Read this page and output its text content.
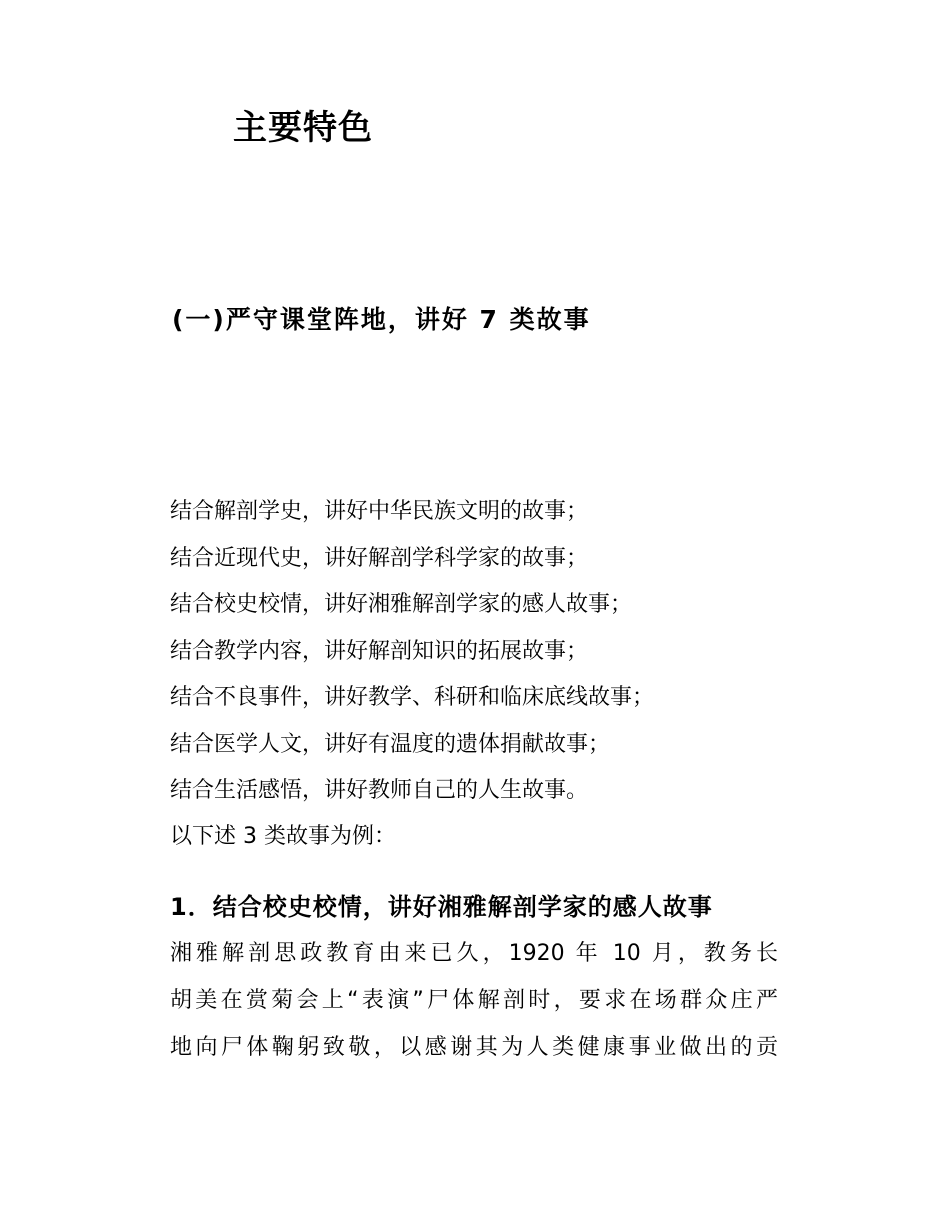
主要特色
(一)严守课堂阵地，讲好 7 类故事
结合解剖学史，讲好中华民族文明的故事；
结合近现代史，讲好解剖学科学家的故事；
结合校史校情，讲好湘雅解剖学家的感人故事；
结合教学内容，讲好解剖知识的拓展故事；
结合不良事件，讲好教学、科研和临床底线故事；
结合医学人文，讲好有温度的遗体捐献故事；
结合生活感悟，讲好教师自己的人生故事。
以下述 3 类故事为例：
1．结合校史校情，讲好湘雅解剖学家的感人故事
湘雅解剖思政教育由来已久，1920 年 10 月，教务长
胡美在赏菊会上“表演”尸体解剖时，要求在场群众庄严
地向尸体鞠躬致敬，以感谢其为人类健康事业做出的贡
